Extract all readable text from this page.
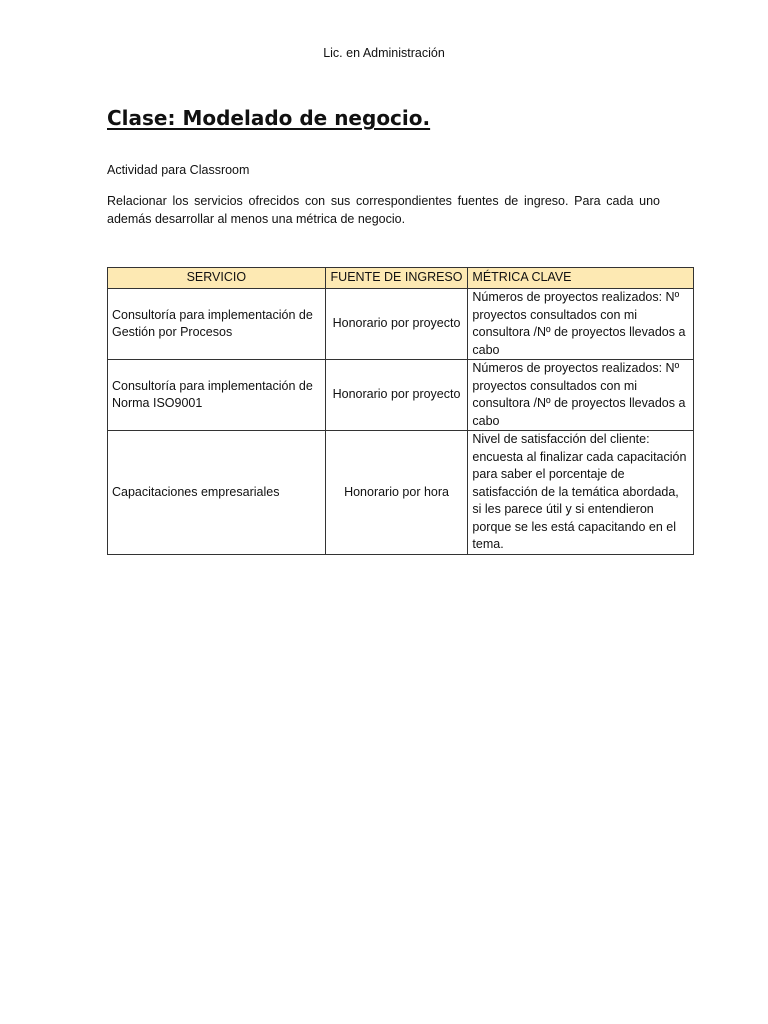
Lic. en Administración
Clase: Modelado de negocio.
Actividad para Classroom
Relacionar los servicios ofrecidos con sus correspondientes fuentes de ingreso. Para cada uno además desarrollar al menos una métrica de negocio.
SERVICIO	FUENTE DE INGRESO	MÉTRICA CLAVE
Consultoría para implementación de Gestión por Procesos	Honorario por proyecto	Números de proyectos realizados: Nº proyectos consultados con mi consultora /Nº de proyectos llevados a cabo
Consultoría para implementación de Norma ISO9001	Honorario por proyecto	Números de proyectos realizados: Nº proyectos consultados con mi consultora /Nº de proyectos llevados a cabo
Capacitaciones empresariales	Honorario por hora	Nivel de satisfacción del cliente: encuesta al finalizar cada capacitación para saber el porcentaje de satisfacción de la temática abordada, si les parece útil y si entendieron porque se les está capacitando en el tema.
